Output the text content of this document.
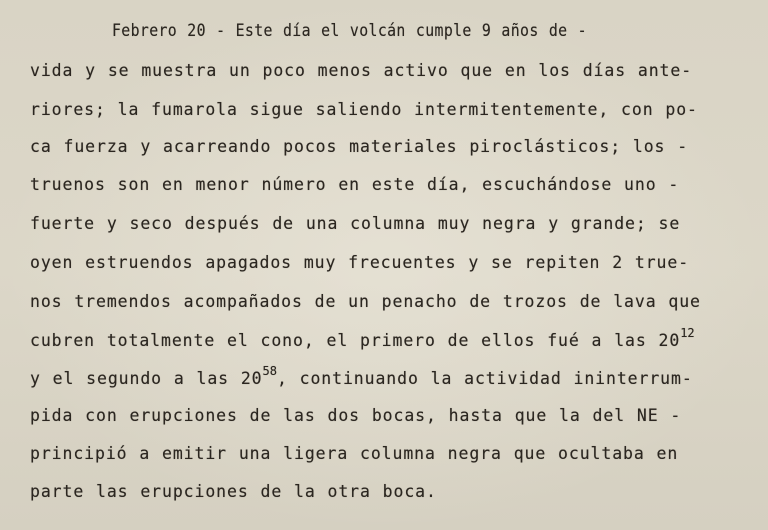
Febrero 20 - Este día el volcán cumple 9 años de -
vida y se muestra un poco menos activo que en los días ante-
riores; la fumarola sigue saliendo intermitentemente, con po-
ca fuerza y acarreando pocos materiales piroclásticos; los -
truenos son en menor número en este día, escuchándose uno -
fuerte y seco después de una columna muy negra y grande; se
oyen estruendos apagados muy frecuentes y se repiten 2 true-
nos tremendos acompañados de un penacho de trozos de lava que
cubren totalmente el cono, el primero de ellos fué a las $20^{12}$
y el segundo a las $20^{58}$, continuando la actividad ininterrum-
pida con erupciones de las dos bocas, hasta que la del NE -
principió a emitir una ligera columna negra que ocultaba en
parte las erupciones de la otra boca.
